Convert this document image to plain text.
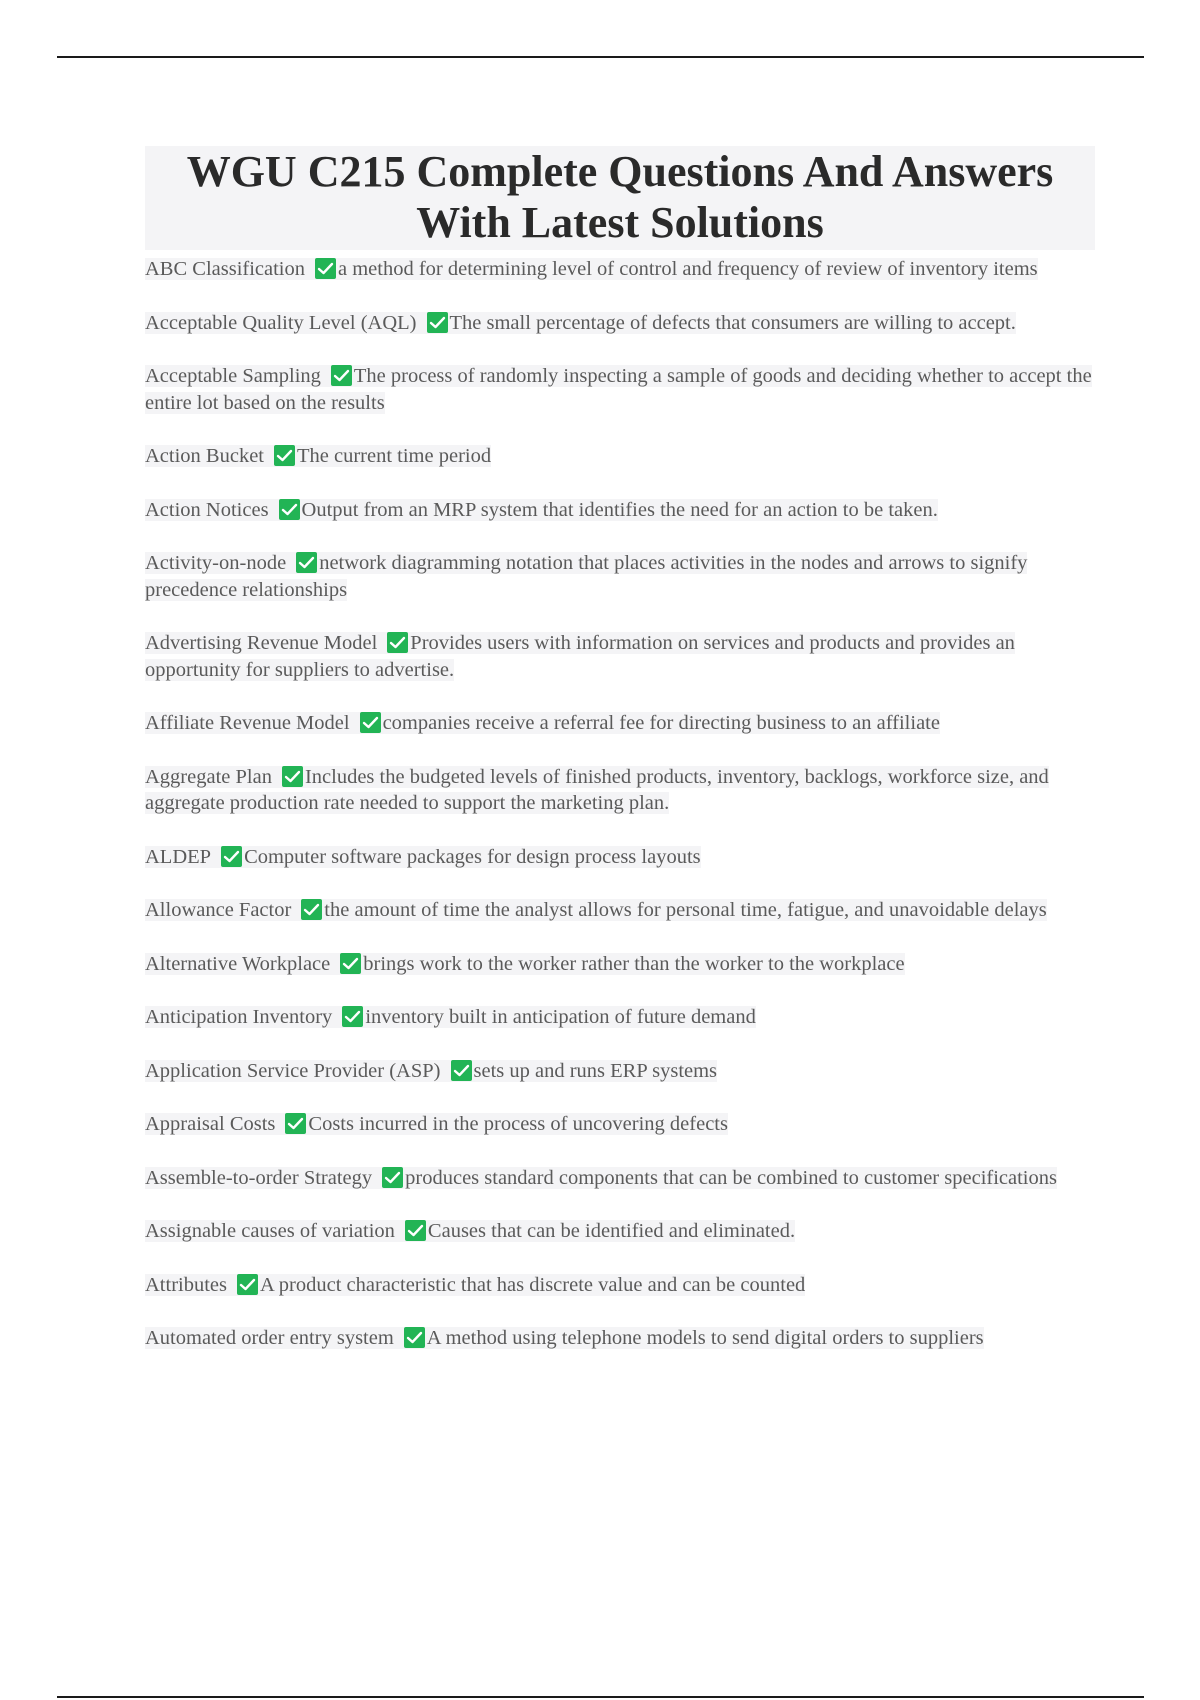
WGU C215 Complete Questions And Answers With Latest Solutions
ABC Classification a method for determining level of control and frequency of review of inventory items
Acceptable Quality Level (AQL) The small percentage of defects that consumers are willing to accept.
Acceptable Sampling The process of randomly inspecting a sample of goods and deciding whether to accept the entire lot based on the results
Action Bucket The current time period
Action Notices Output from an MRP system that identifies the need for an action to be taken.
Activity-on-node network diagramming notation that places activities in the nodes and arrows to signify precedence relationships
Advertising Revenue Model Provides users with information on services and products and provides an opportunity for suppliers to advertise.
Affiliate Revenue Model companies receive a referral fee for directing business to an affiliate
Aggregate Plan Includes the budgeted levels of finished products, inventory, backlogs, workforce size, and aggregate production rate needed to support the marketing plan.
ALDEP Computer software packages for design process layouts
Allowance Factor the amount of time the analyst allows for personal time, fatigue, and unavoidable delays
Alternative Workplace brings work to the worker rather than the worker to the workplace
Anticipation Inventory inventory built in anticipation of future demand
Application Service Provider (ASP) sets up and runs ERP systems
Appraisal Costs Costs incurred in the process of uncovering defects
Assemble-to-order Strategy produces standard components that can be combined to customer specifications
Assignable causes of variation Causes that can be identified and eliminated.
Attributes A product characteristic that has discrete value and can be counted
Automated order entry system A method using telephone models to send digital orders to suppliers
